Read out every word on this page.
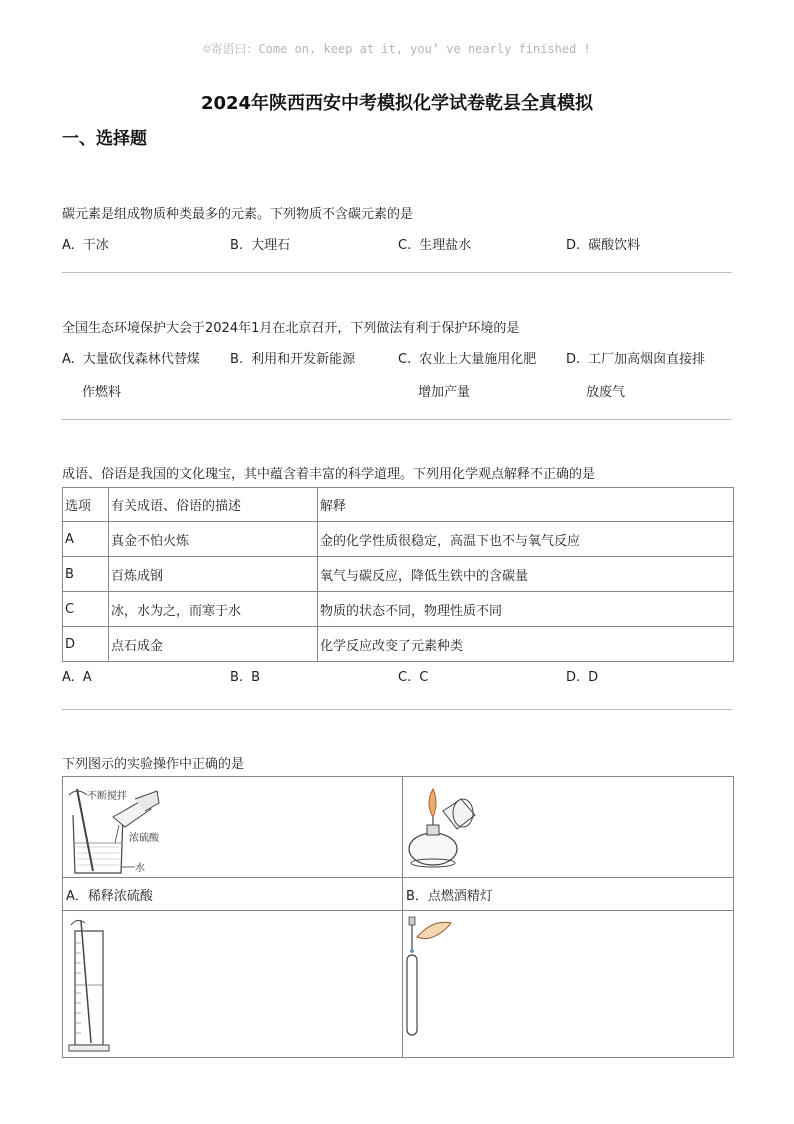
☺寄语曰：Come on, keep at it, you’ ve nearly finished !
2024年陕西西安中考模拟化学试卷乾县全真模拟
一、选择题
碳元素是组成物质种类最多的元素。下列物质不含碳元素的是
A. 干冰	B. 大理石	C. 生理盐水	D. 碳酸饮料
全国生态环境保护大会于2024年1月在北京召开，下列做法有利于保护环境的是
A. 大量砍伐森林代替煤
作燃料
B. 利用和开发新能源	C. 农业上大量施用化肥
增加产量
D. 工厂加高烟囱直接排
放废气
成语、俗语是我国的文化瑰宝，其中蕴含着丰富的科学道理。下列用化学观点解释不正确的是
选项	有关成语、俗语的描述	解释
A	真金不怕火炼	金的化学性质很稳定，高温下也不与氧气反应
B	百炼成钢	氧气与碳反应，降低生铁中的含碳量
C	冰，水为之，而寒于水	物质的状态不同，物理性质不同
D	点石成金	化学反应改变了元素种类
A. A	B. B	C. C	D. D
下列图示的实验操作中正确的是
不断搅拌
浓硫酸
水
A．稀释浓硫酸	B．点燃酒精灯
